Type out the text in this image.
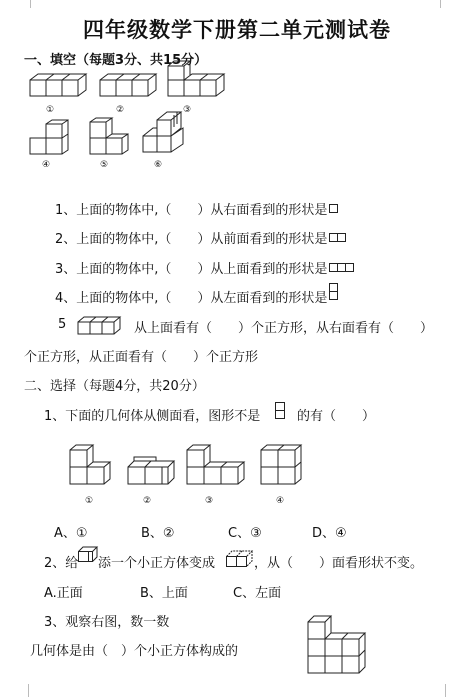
四年级数学下册第二单元测试卷
一、填空（每题3分、共15分）
①	②	③
④	⑤	⑥
1、上面的物体中,（　　）从右面看到的形状是
2、上面的物体中,（　　）从前面看到的形状是
3、上面的物体中,（　　）从上面看到的形状是
4、上面的物体中,（　　）从左面看到的形状是
5	从上面看有（　　）个正方形，从右面看有（　　）
个正方形，从正面看有（　　）个正方形
二、选择（每题4分，共20分）
1、下面的几何体从侧面看，图形不是	的有（　　）
①	②	③	④
A、①	B、②	C、③	D、④
2、给 添一个小正方体变成	，从（　　）面看形状不变。
A.正面	B、上面	C、左面
3、观察右图，数一数
几何体是由（　）个小正方体构成的
